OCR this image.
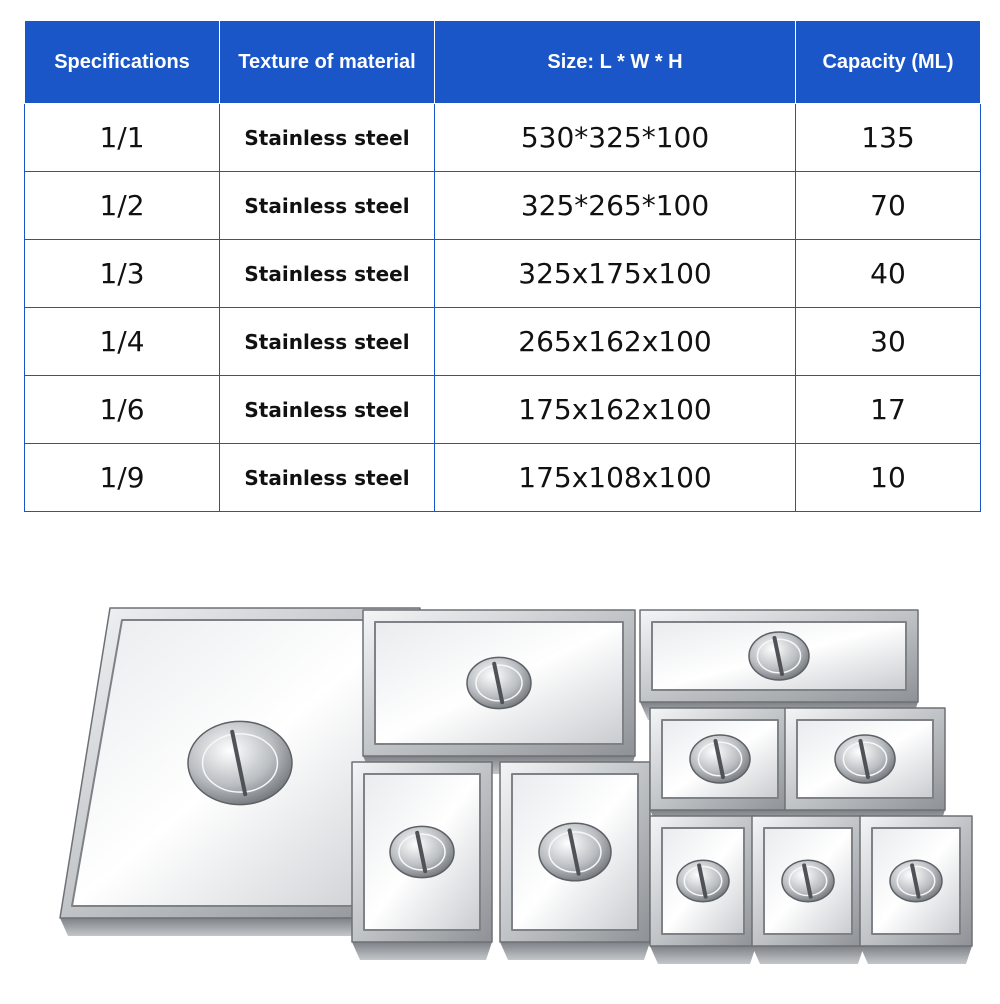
Specifications	Texture of material	Size: L * W * H	Capacity (ML)
1/1	Stainless steel	530*325*100	135
1/2	Stainless steel	325*265*100	70
1/3	Stainless steel	325x175x100	40
1/4	Stainless steel	265x162x100	30
1/6	Stainless steel	175x162x100	17
1/9	Stainless steel	175x108x100	10
